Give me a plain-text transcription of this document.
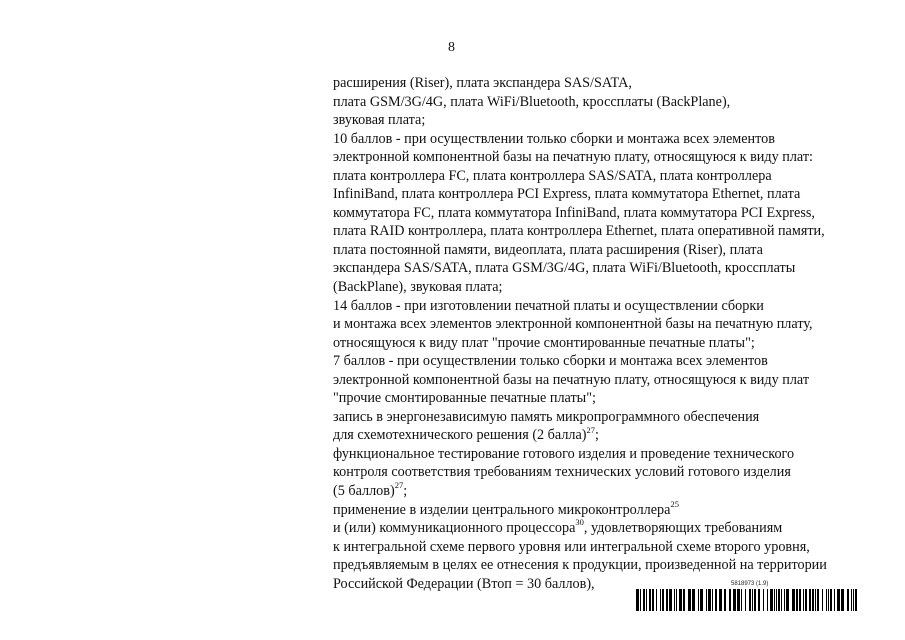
8
расширения (Riser), плата экспандера SAS/SATA,
плата GSM/3G/4G, плата WiFi/Bluetooth, кроссплаты (BackPlane),
звуковая плата;
10 баллов - при осуществлении только сборки и монтажа всех элементов
электронной компонентной базы на печатную плату, относящуюся к виду плат:
плата контроллера FC, плата контроллера SAS/SATA, плата контроллера
InfiniBand, плата контроллера PCI Express, плата коммутатора Ethernet, плата
коммутатора FC, плата коммутатора InfiniBand, плата коммутатора PCI Express,
плата RAID контроллера, плата контроллера Ethernet, плата оперативной памяти,
плата постоянной памяти, видеоплата, плата расширения (Riser), плата
экспандера SAS/SATA, плата GSM/3G/4G, плата WiFi/Bluetooth, кроссплаты
(BackPlane), звуковая плата;
14 баллов - при изготовлении печатной платы и осуществлении сборки
и монтажа всех элементов электронной компонентной базы на печатную плату,
относящуюся к виду плат "прочие смонтированные печатные платы";
7 баллов - при осуществлении только сборки и монтажа всех элементов
электронной компонентной базы на печатную плату, относящуюся к виду плат
"прочие смонтированные печатные платы";
запись в энергонезависимую память микропрограммного обеспечения
для схемотехнического решения (2 балла)$^{27}$;
функциональное тестирование готового изделия и проведение технического
контроля соответствия требованиям технических условий готового изделия
(5 баллов)$^{27}$;
применение в изделии центрального микроконтроллера$^{25}$
и (или) коммуникационного процессора$^{30}$, удовлетворяющих требованиям
к интегральной схеме первого уровня или интегральной схеме второго уровня,
предъявляемым в целях ее отнесения к продукции, произведенной на территории
Российской Федерации (Втоп = 30 баллов),	5818973 (1.9)
